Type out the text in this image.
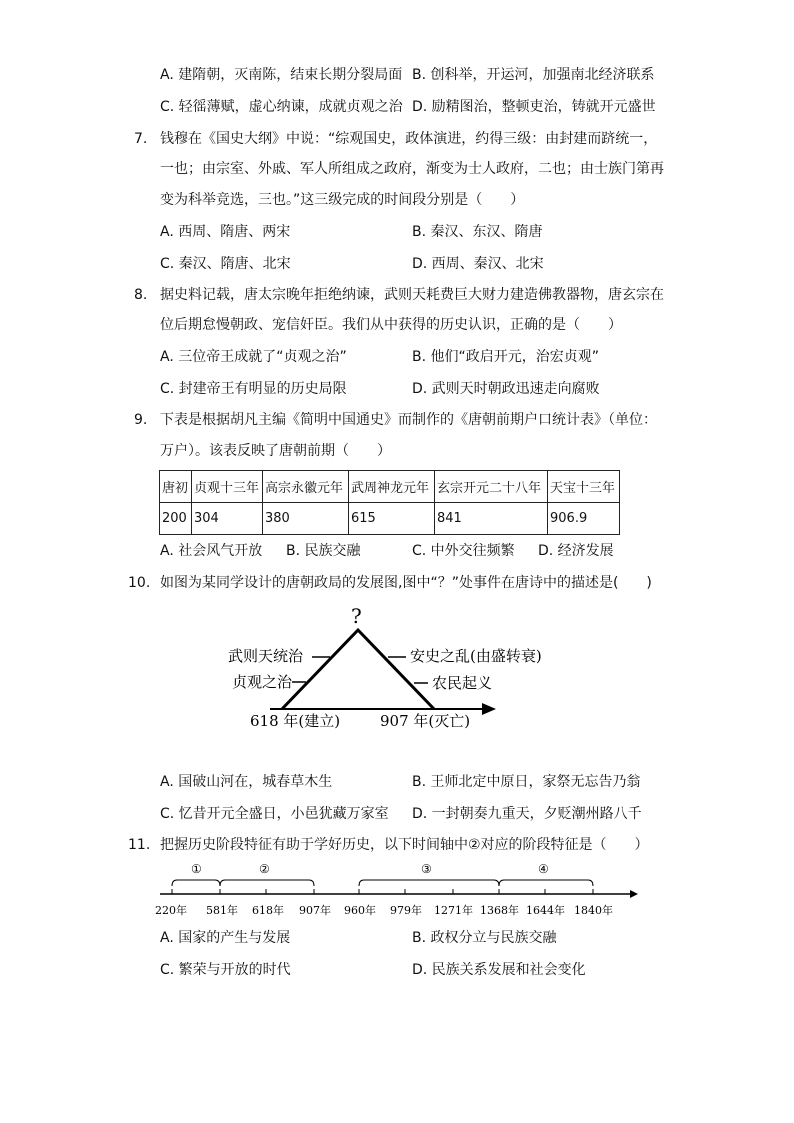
A. 建隋朝，灭南陈，结束长期分裂局面 B. 创科举，开运河，加强南北经济联系
C. 轻徭薄赋，虚心纳谏，成就贞观之治 D. 励精图治，整顿吏治，铸就开元盛世
7. 钱穆在《国史大纲》中说：“综观国史，政体演进，约得三级：由封建而跻统一，
一也；由宗室、外戚、军人所组成之政府，渐变为士人政府，二也；由士族门第再
变为科举竞选，三也。”这三级完成的时间段分别是（　　）
A. 西周、隋唐、两宋	B. 秦汉、东汉、隋唐
C. 秦汉、隋唐、北宋	D. 西周、秦汉、北宋
8. 据史料记载，唐太宗晚年拒绝纳谏，武则天耗费巨大财力建造佛教器物，唐玄宗在
位后期怠慢朝政、宠信奸臣。我们从中获得的历史认识，正确的是（　　）
A. 三位帝王成就了“贞观之治”	B. 他们“政启开元，治宏贞观”
C. 封建帝王有明显的历史局限	D. 武则天时朝政迅速走向腐败
9. 下表是根据胡凡主编《简明中国通史》而制作的《唐朝前期户口统计表》（单位：
万户）。该表反映了唐朝前期（　　）
唐初	贞观十三年	高宗永徽元年	武周神龙元年	玄宗开元二十八年	天宝十三年
200	304	380	615	841	906.9
A. 社会风气开放 B. 民族交融	C. 中外交往频繁 D. 经济发展
10. 如图为某同学设计的唐朝政局的发展图,图中“？”处事件在唐诗中的描述是(　　)
?
武则天统治
贞观之治
安史之乱(由盛转衰)
农民起义
618 年(建立)	907 年(灭亡)
A. 国破山河在，城春草木生	B. 王师北定中原日，家祭无忘告乃翁
C. 忆昔开元全盛日，小邑犹藏万家室 D. 一封朝奏九重天，夕贬潮州路八千
11. 把握历史阶段特征有助于学好历史，以下时间轴中②对应的阶段特征是（　　）
①	②	③	④
220年 581年 618年 907年 960年 979年 1271年 1368年 1644年 1840年
A. 国家的产生与发展	B. 政权分立与民族交融
C. 繁荣与开放的时代	D. 民族关系发展和社会变化
